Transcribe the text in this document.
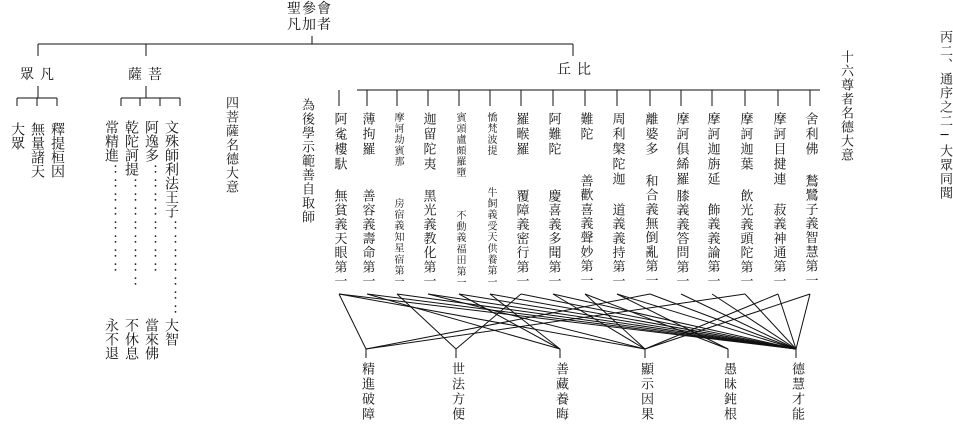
聖參會
凡加者
眾凡	薩菩	丘比
釋提桓因
無量諸天
大眾	文殊師利法王子
：：：：：：：
大智
阿逸多
：：：：：：：：
當來佛
乾陀訶提
：：：：：：：：
不休息
常精進
：：：：：：：：
永不退
四菩薩名德大意	為後學示範善自取師	十六尊者名德大意	丙二、通序之二─大眾同聞
舍利佛
鶖鷺子義智慧第一
摩訶目揵連
菽義神通第一
摩訶迦葉
飲光義頭陀第一
摩訶迦旃延
飾義義論第一
摩訶俱絺羅
膝義義答問第一
離婆多
和合義無倒亂第一
周利槃陀迦
道義義持第一
難陀
善歡喜義聲妙第一
阿難陀
慶喜義多聞第一
羅睺羅
覆障義密行第一
憍梵波提
牛飼義受天供養第一
賓頭盧頗羅墮
不動義福田第一
迦留陀夷
黑光義教化第一
摩訶劫賓那
房宿義知星宿第一
薄拘羅
善容義壽命第一
阿㝹樓馱
無貧義天眼第一
德慧才能
愚昧鈍根
顯示因果
善藏養晦
世法方便
精進破障
